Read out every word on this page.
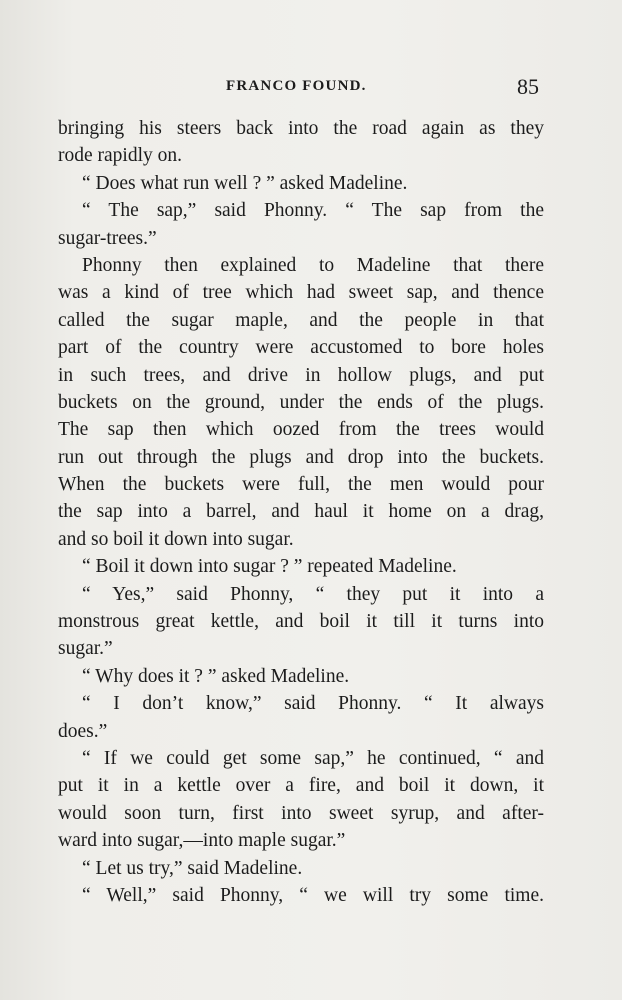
FRANCO FOUND.	85
bringing his steers back into the road again as they
rode rapidly on.
“ Does what run well ? ” asked Madeline.
“ The sap,” said Phonny. “ The sap from the
sugar-trees.”
Phonny then explained to Madeline that there
was a kind of tree which had sweet sap, and thence
called the sugar maple, and the people in that
part of the country were accustomed to bore holes
in such trees, and drive in hollow plugs, and put
buckets on the ground, under the ends of the plugs.
The sap then which oozed from the trees would
run out through the plugs and drop into the buckets.
When the buckets were full, the men would pour
the sap into a barrel, and haul it home on a drag,
and so boil it down into sugar.
“ Boil it down into sugar ? ” repeated Madeline.
“ Yes,” said Phonny, “ they put it into a
monstrous great kettle, and boil it till it turns into
sugar.”
“ Why does it ? ” asked Madeline.
“ I don’t know,” said Phonny. “ It always
does.”
“ If we could get some sap,” he continued, “ and
put it in a kettle over a fire, and boil it down, it
would soon turn, first into sweet syrup, and after-
ward into sugar,—into maple sugar.”
“ Let us try,” said Madeline.
“ Well,” said Phonny, “ we will try some time.
